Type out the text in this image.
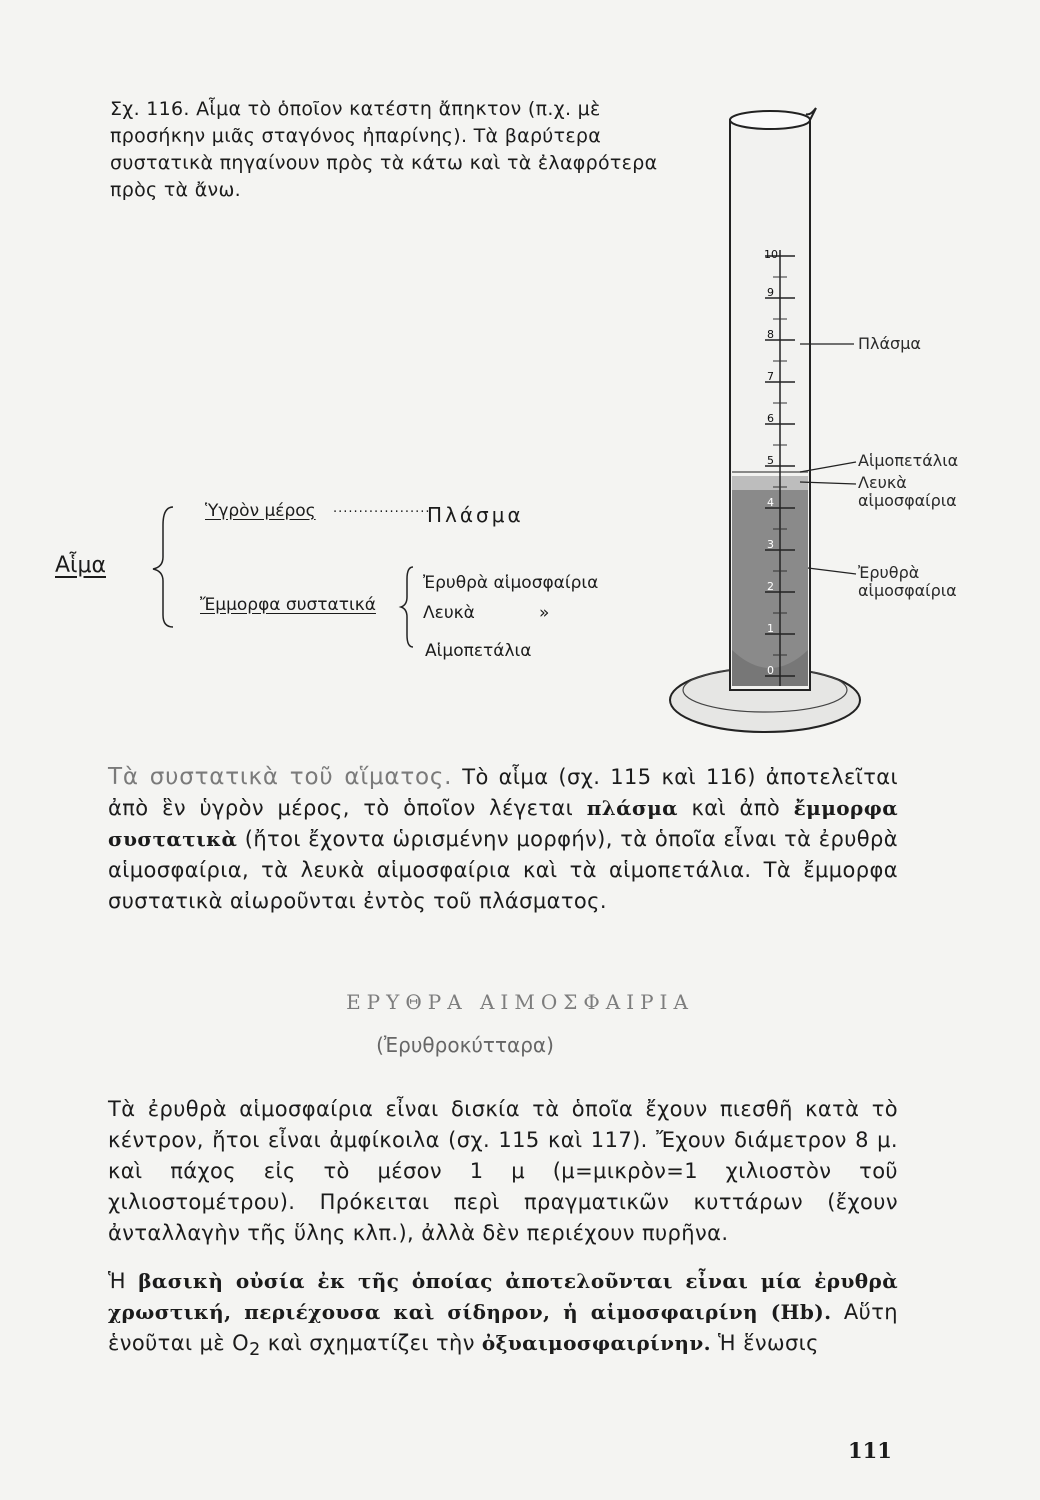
Σχ. 116. Αἷμα τὸ ὁποῖον κατέστη ἄπηκτον (π.χ. μὲ προσήκην μιᾶς σταγόνος ἠπαρίνης). Τὰ βαρύτερα συστατικὰ πηγαίνουν πρὸς τὰ κάτω καὶ τὰ ἐλαφρότερα πρὸς τὰ ἄνω.
10
9
8
7
6
5
4
3
2
1
0
Πλάσμα
Αἱμοπετάλια
Λευκὰ αἱμοσφαίρια
Ἐρυθρὰ αἱμοσφαίρια
Αἷμα
Ὑγρὸν μέρος ...................
Πλάσμα
Ἔμμορφα συστατικά
Ἐρυθρὰ αἱμοσφαίρια
Λευκὰ	»
Αἱμοπετάλια
Τὰ συστατικὰ τοῦ αἵματος. Τὸ αἷμα (σχ. 115 καὶ 116) ἀποτελεῖται ἀπὸ ἓν ὑγρὸν μέρος, τὸ ὁποῖον λέγεται πλάσμα καὶ ἀπὸ ἔμμορφα συστατικὰ (ἤτοι ἔχοντα ὡρισμένην μορφήν), τὰ ὁποῖα εἶναι τὰ ἐρυθρὰ αἱμοσφαίρια, τὰ λευκὰ αἱμοσφαίρια καὶ τὰ αἱμοπετάλια. Τὰ ἔμμορφα συστατικὰ αἰωροῦνται ἐντὸς τοῦ πλάσματος.
ΕΡΥΘΡΑ ΑΙΜΟΣΦΑΙΡΙΑ
(Ἐρυθροκύτταρα)
Τὰ ἐρυθρὰ αἱμοσφαίρια εἶναι δισκία τὰ ὁποῖα ἔχουν πιεσθῆ κατὰ τὸ κέντρον, ἤτοι εἶναι ἀμφίκοιλα (σχ. 115 καὶ 117). Ἔχουν διάμετρον 8 μ. καὶ πάχος εἰς τὸ μέσον 1 μ (μ=μικρὸν=1 χιλιοστὸν τοῦ χιλιοστομέτρου). Πρόκειται περὶ πραγματικῶν κυττάρων (ἔχουν ἀνταλλαγὴν τῆς ὕλης κλπ.), ἀλλὰ δὲν περιέχουν πυρῆνα.
Ἡ βασικὴ οὐσία ἐκ τῆς ὁποίας ἀποτελοῦνται εἶναι μία ἐρυθρὰ χρωστική, περιέχουσα καὶ σίδηρον, ἡ αἱμοσφαιρίνη (Hb). Αὕτη ἑνοῦται μὲ $O_2$ καὶ σχηματίζει τὴν ὀξυαιμοσφαιρίνην. Ἡ ἕνωσις
111
